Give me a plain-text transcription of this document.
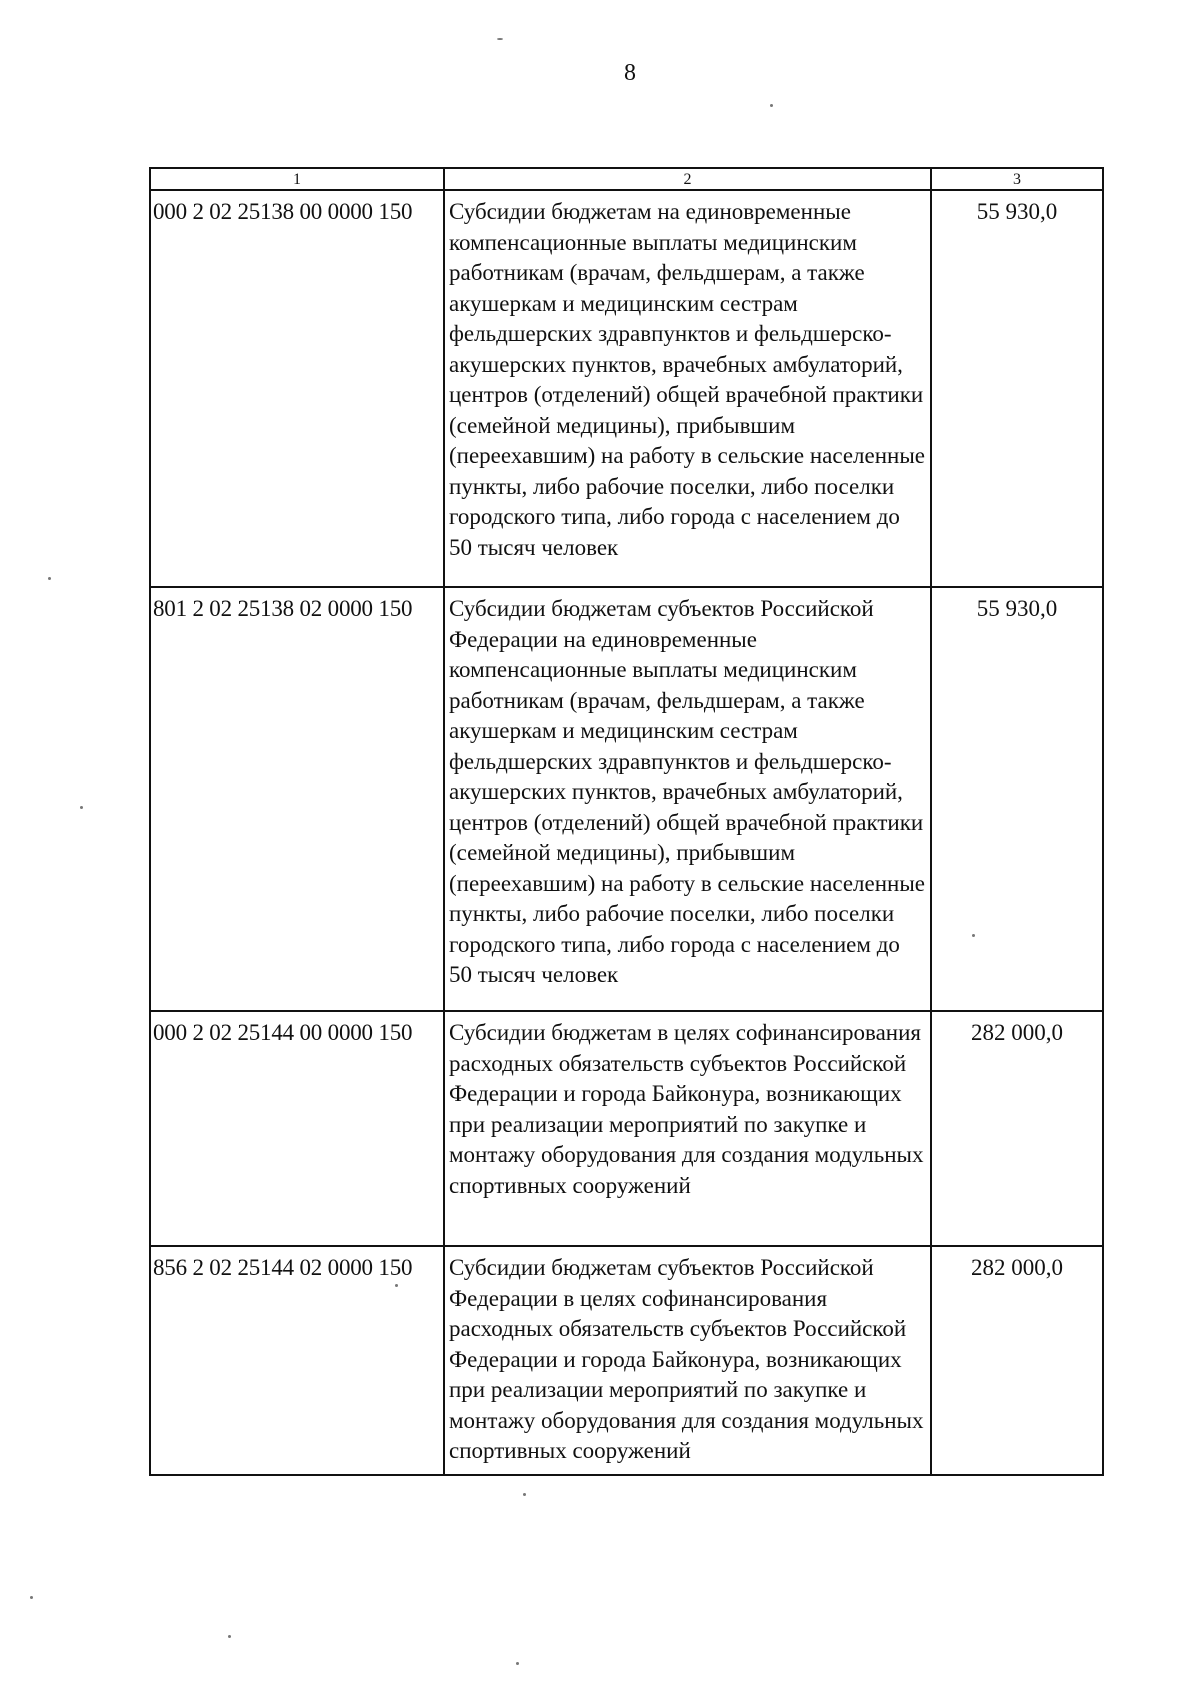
8
1	2	3
000 2 02 25138 00 0000 150	Субсидии бюджетам на единовременные компенсационные выплаты медицинским работникам (врачам, фельдшерам, а также акушеркам и медицинским сестрам фельдшерских здравпунктов и фельдшерско-акушерских пунктов, врачебных амбулаторий, центров (отделений) общей врачебной практики (семейной медицины), прибывшим (переехавшим) на работу в сельские населенные пункты, либо рабочие поселки, либо поселки городского типа, либо города с населением до 50 тысяч человек	55 930,0
801 2 02 25138 02 0000 150	Субсидии бюджетам субъектов Российской Федерации на единовременные компенсационные выплаты медицинским работникам (врачам, фельдшерам, а также акушеркам и медицинским сестрам фельдшерских здравпунктов и фельдшерско-акушерских пунктов, врачебных амбулаторий, центров (отделений) общей врачебной практики (семейной медицины), прибывшим (переехавшим) на работу в сельские населенные пункты, либо рабочие поселки, либо поселки городского типа, либо города с населением до 50 тысяч человек	55 930,0
000 2 02 25144 00 0000 150	Субсидии бюджетам в целях софинансирования расходных обязательств субъектов Российской Федерации и города Байконура, возникающих при реализации мероприятий по закупке и монтажу оборудования для создания модульных спортивных сооружений	282 000,0
856 2 02 25144 02 0000 150	Субсидии бюджетам субъектов Российской Федерации в целях софинансирования расходных обязательств субъектов Российской Федерации и города Байконура, возникающих при реализации мероприятий по закупке и монтажу оборудования для создания модульных спортивных сооружений	282 000,0
